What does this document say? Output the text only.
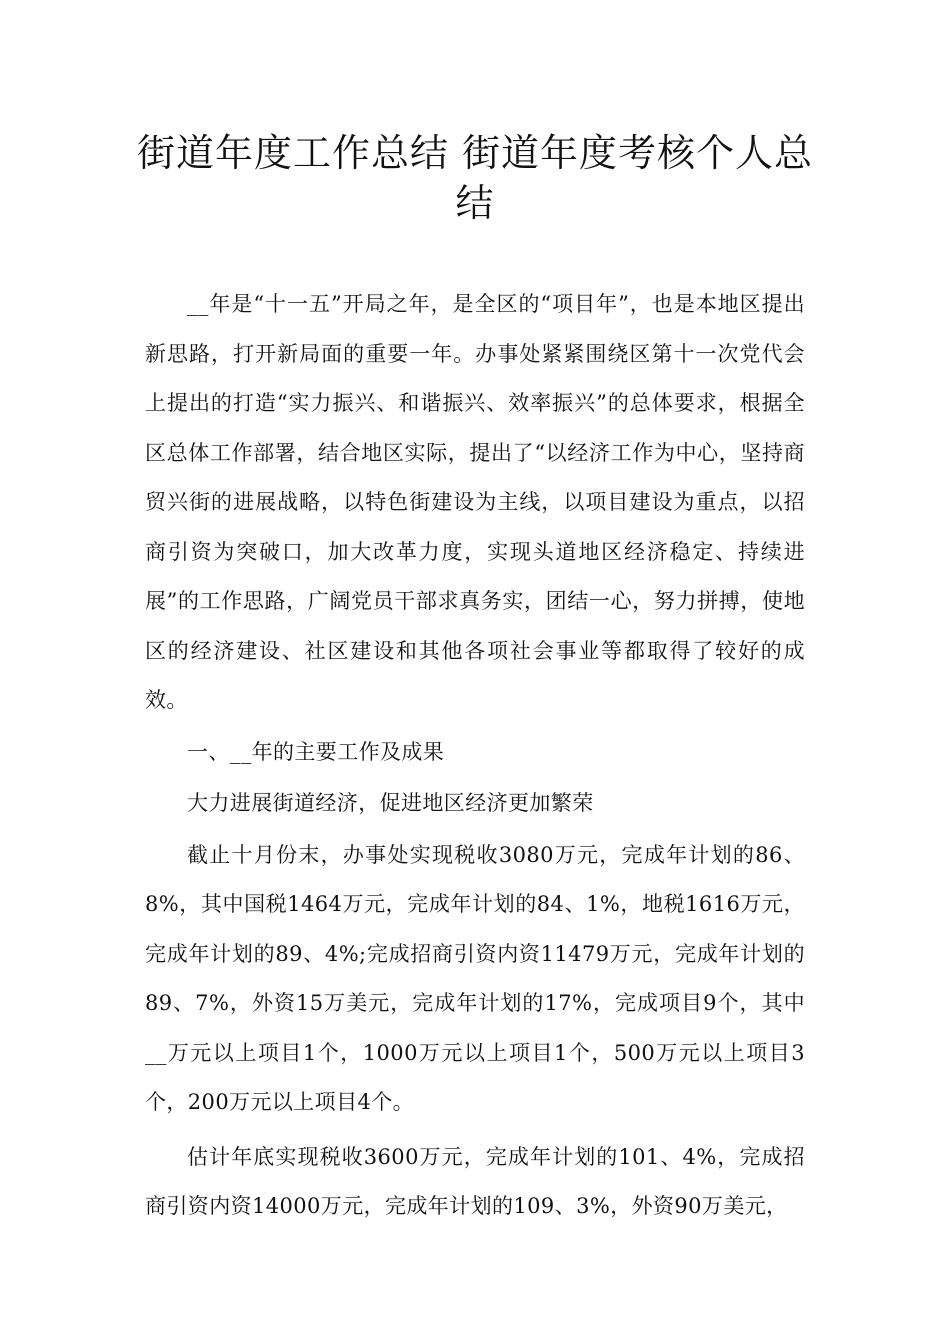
街道年度工作总结 街道年度考核个人总结

__年是“十一五”开局之年，是全区的“项目年”，也是本地区提出新思路，打开新局面的重要一年。办事处紧紧围绕区第十一次党代会上提出的打造“实力振兴、和谐振兴、效率振兴”的总体要求，根据全区总体工作部署，结合地区实际，提出了“以经济工作为中心，坚持商贸兴街的进展战略，以特色街建设为主线，以项目建设为重点，以招商引资为突破口，加大改革力度，实现头道地区经济稳定、持续进展”的工作思路，广阔党员干部求真务实，团结一心，努力拼搏，使地区的经济建设、社区建设和其他各项社会事业等都取得了较好的成效。

一、__年的主要工作及成果

大力进展街道经济，促进地区经济更加繁荣

截止十月份末，办事处实现税收3080万元，完成年计划的86、8%，其中国税1464万元，完成年计划的84、1%，地税1616万元，完成年计划的89、4%;完成招商引资内资11479万元，完成年计划的89、7%，外资15万美元，完成年计划的17%，完成项目9个，其中__万元以上项目1个，1000万元以上项目1个，500万元以上项目3个，200万元以上项目4个。

估计年底实现税收3600万元，完成年计划的101、4%，完成招商引资内资14000万元，完成年计划的109、3%，外资90万美元，
